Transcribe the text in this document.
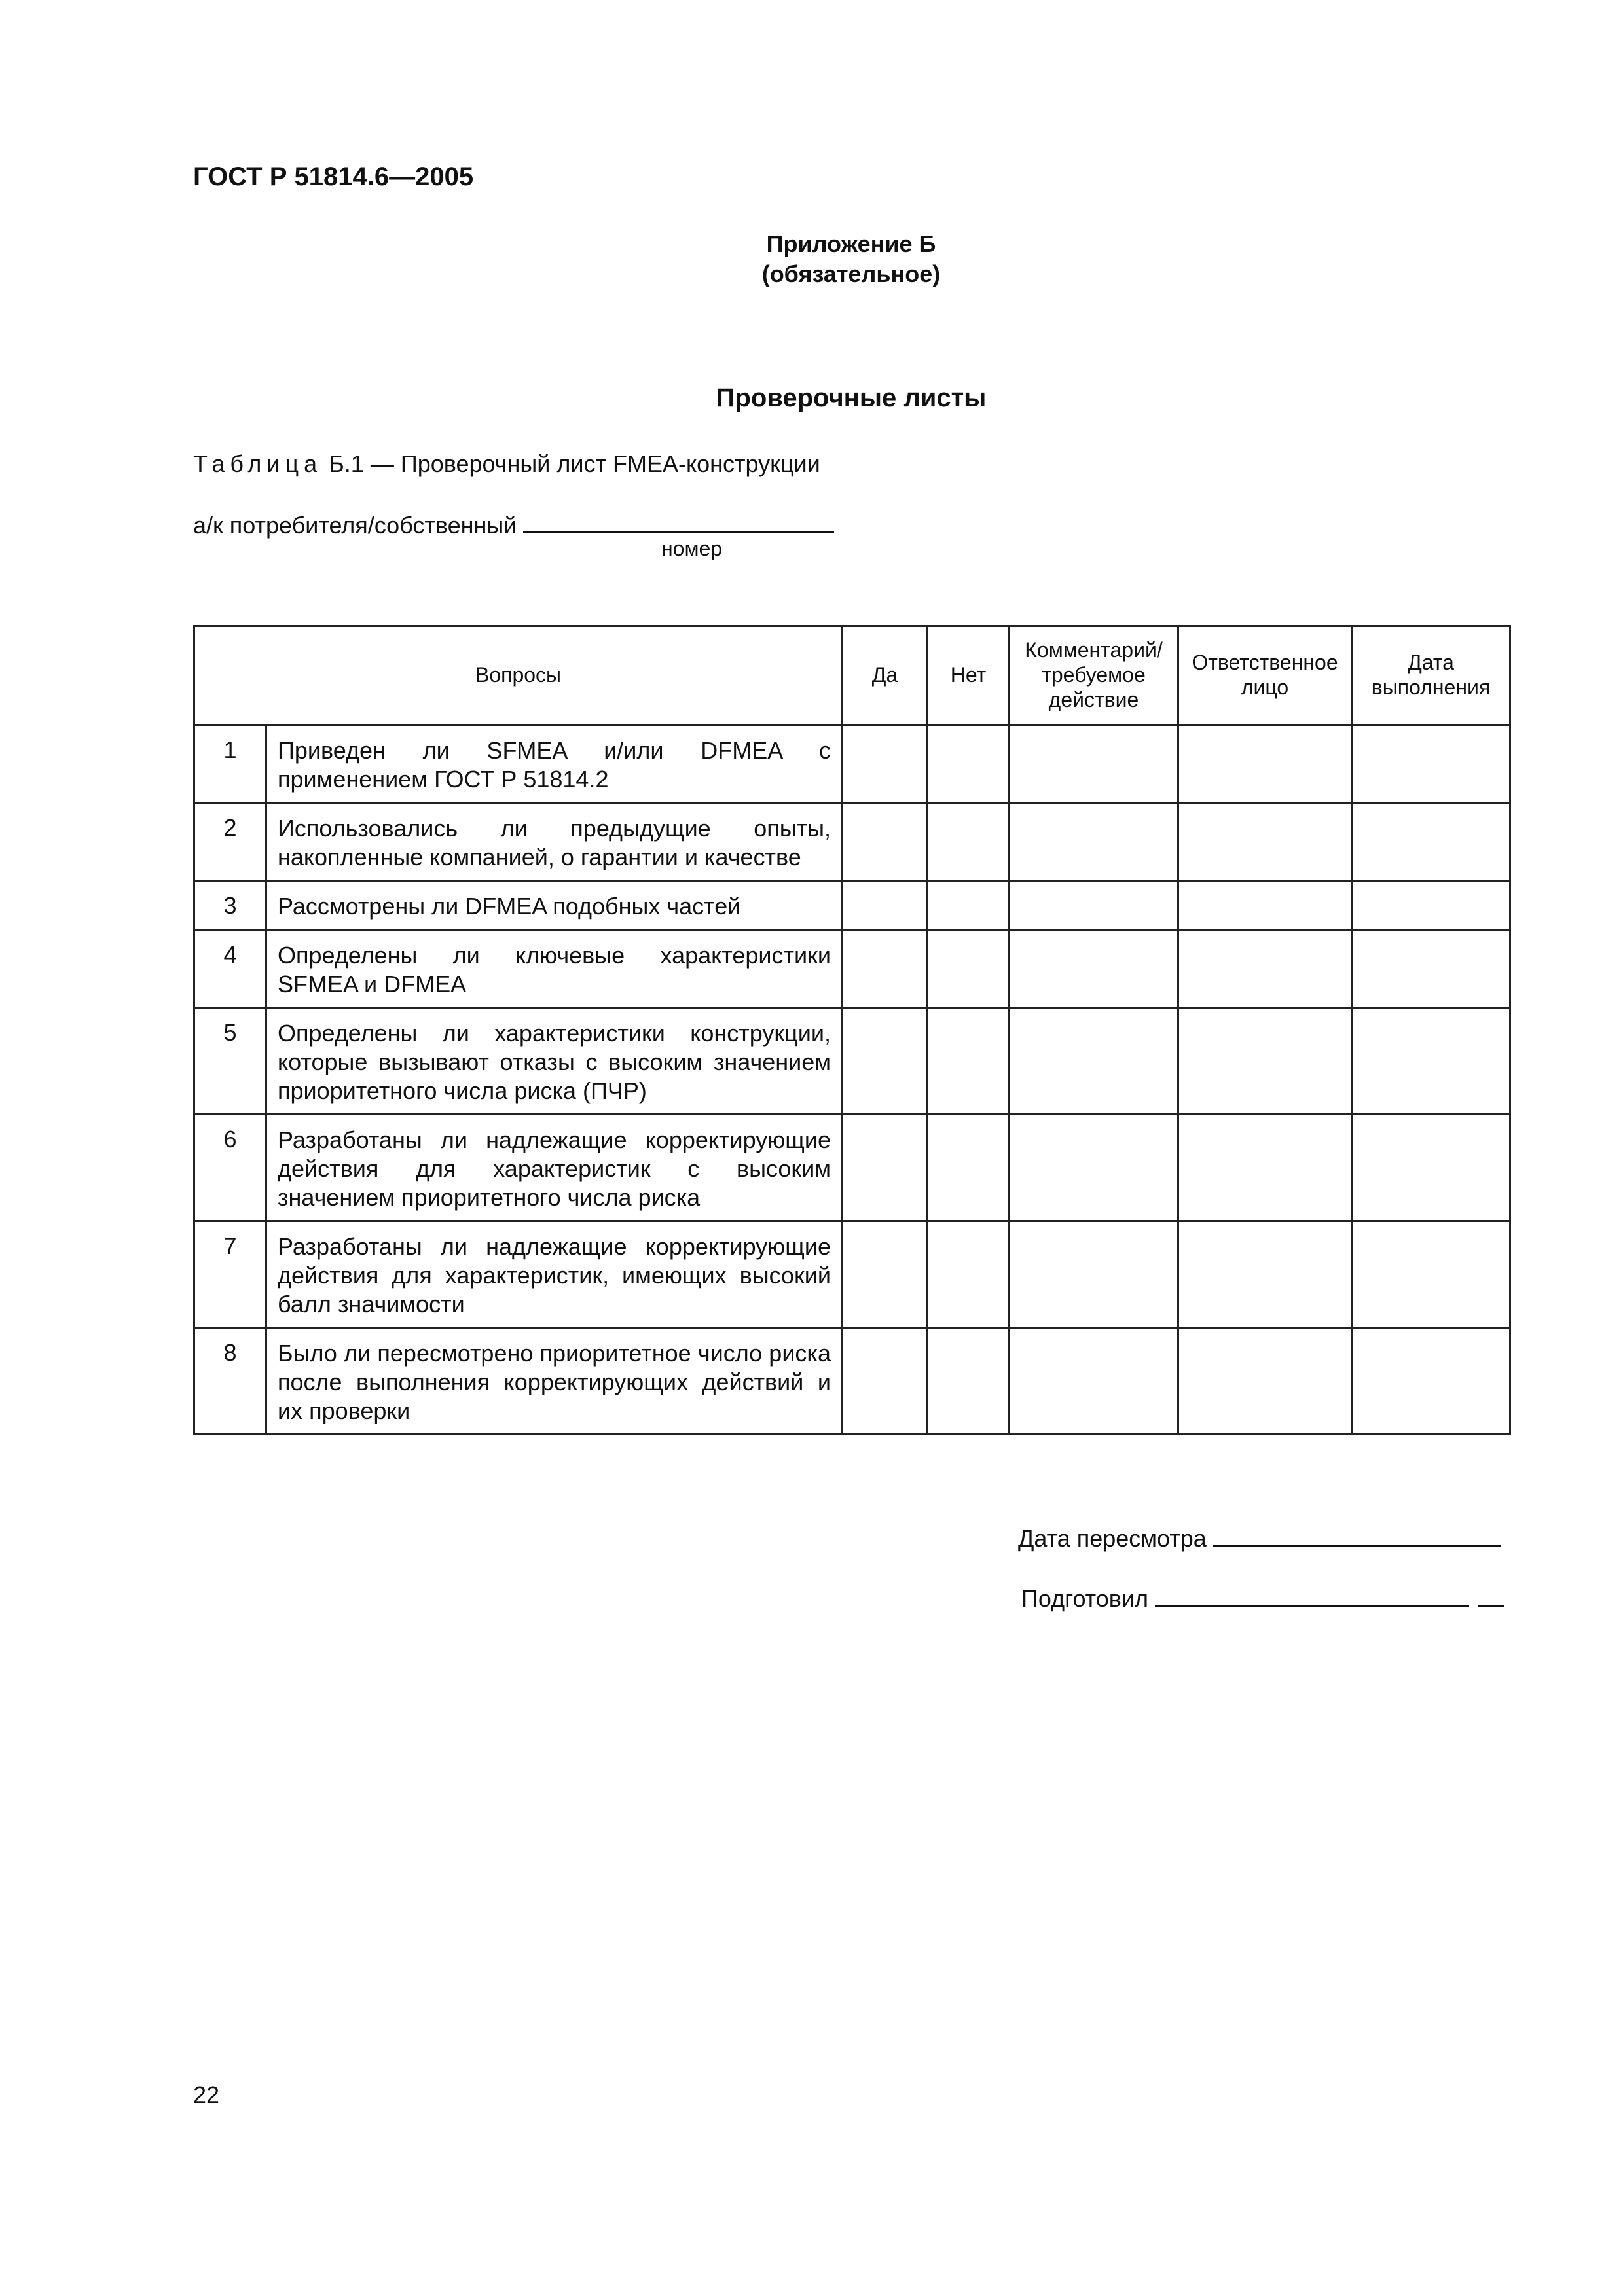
ГОСТ Р 51814.6—2005
Приложение Б
(обязательное)
Проверочные листы
Таблица Б.1 — Проверочный лист FMEA-конструкции
а/к потребителя/собственный
номер
Вопросы		Да	Нет	Комментарий/ требуемое действие	Ответственное лицо	Дата выполнения
1	Приведен ли SFMEA и/или DFMEA с применением ГОСТ Р 51814.2					
2	Использовались ли предыдущие опыты, накопленные компанией, о гарантии и качестве					
3	Рассмотрены ли DFMEA подобных частей					
4	Определены ли ключевые характеристики SFMEA и DFMEA					
5	Определены ли характеристики конструкции, которые вызывают отказы с высоким значением приоритетного числа риска (ПЧР)					
6	Разработаны ли надлежащие корректирующие действия для характеристик с высоким значением приоритетного числа риска					
7	Разработаны ли надлежащие корректирующие действия для характеристик, имеющих высокий балл значимости					
8	Было ли пересмотрено приоритетное число риска после выполнения корректирующих действий и их проверки					
Дата пересмотра
Подготовил
22
